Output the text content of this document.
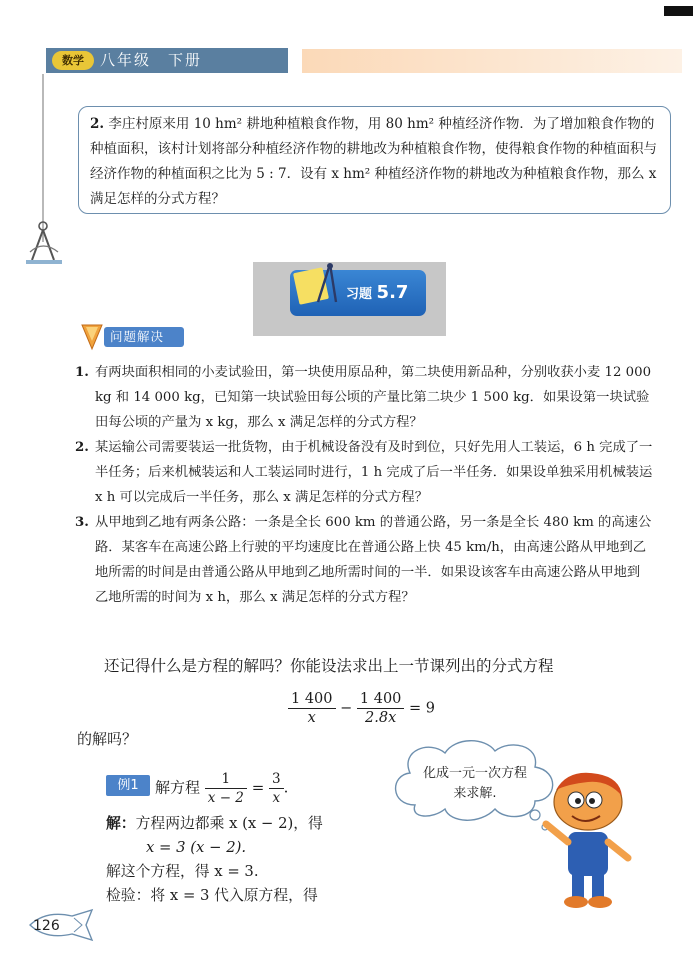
数学	八年级　下册
2. 李庄村原来用 10 hm² 耕地种植粮食作物，用 80 hm² 种植经济作物．为了增加粮食作物的种植面积，该村计划将部分种植经济作物的耕地改为种植粮食作物，使得粮食作物的种植面积与经济作物的种植面积之比为 5 : 7．设有 x hm² 种植经济作物的耕地改为种植粮食作物，那么 x 满足怎样的分式方程？
习题 5.7
问题解决
1. 有两块面积相同的小麦试验田，第一块使用原品种，第二块使用新品种，分别收获小麦 12 000 kg 和 14 000 kg，已知第一块试验田每公顷的产量比第二块少 1 500 kg．如果设第一块试验田每公顷的产量为 x kg，那么 x 满足怎样的分式方程？
2. 某运输公司需要装运一批货物，由于机械设备没有及时到位，只好先用人工装运，6 h 完成了一半任务；后来机械装运和人工装运同时进行，1 h 完成了后一半任务．如果设单独采用机械装运 x h 可以完成后一半任务，那么 x 满足怎样的分式方程？
3. 从甲地到乙地有两条公路：一条是全长 600 km 的普通公路，另一条是全长 480 km 的高速公路．某客车在高速公路上行驶的平均速度比在普通公路上快 45 km/h，由高速公路从甲地到乙地所需的时间是由普通公路从甲地到乙地所需时间的一半．如果设该客车由高速公路从甲地到乙地所需的时间为 x h，那么 x 满足怎样的分式方程？
还记得什么是方程的解吗？你能设法求出上一节课列出的分式方程
$\frac{1 400}{x} - \frac{1 400}{2.8x} = 9$
的解吗？
例1	解方程 $\frac{1}{x - 2} = \frac{3}{x}$ .
解：方程两边都乘 x (x − 2)，得
x = 3 (x − 2).
解这个方程，得 x = 3.
检验：将 x = 3 代入原方程，得
化成一元一次方程来求解.
126
